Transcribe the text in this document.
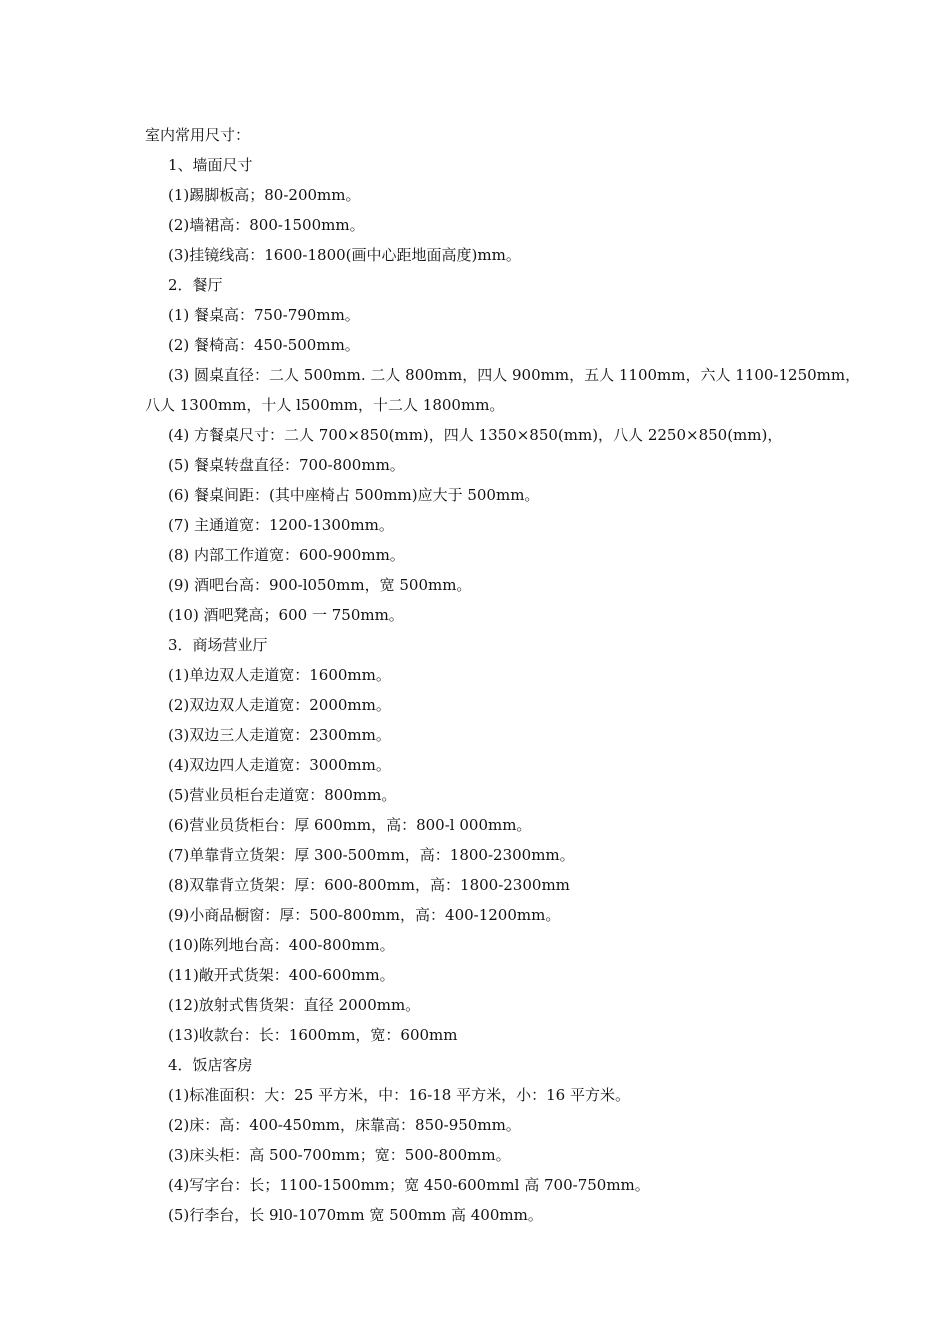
室内常用尺寸：
1、墙面尺寸
(1)踢脚板高；80-200mm。
(2)墙裙高：800-1500mm。
(3)挂镜线高：1600-1800(画中心距地面高度)mm。
2．餐厅
(1) 餐桌高：750-790mm。
(2) 餐椅高：450-500mm。
(3) 圆桌直径：二人 500mm. 二人 800mm，四人 900mm，五人 1100mm，六人 1100-1250mm，
八人 1300mm，十人 l500mm，十二人 1800mm。
(4) 方餐桌尺寸：二人 700×850(mm)，四人 1350×850(mm)，八人 2250×850(mm)，
(5) 餐桌转盘直径：700-800mm。
(6) 餐桌间距：(其中座椅占 500mm)应大于 500mm。
(7) 主通道宽：1200-1300mm。
(8) 内部工作道宽：600-900mm。
(9) 酒吧台高：900-l050mm，宽 500mm。
(10) 酒吧凳高；600 一 750mm。
3．商场营业厅
(1)单边双人走道宽：1600mm。
(2)双边双人走道宽：2000mm。
(3)双边三人走道宽：2300mm。
(4)双边四人走道宽：3000mm。
(5)营业员柜台走道宽：800mm。
(6)营业员货柜台：厚 600mm，高：800-l 000mm。
(7)单靠背立货架：厚 300-500mm，高：1800-2300mm。
(8)双靠背立货架：厚：600-800mm，高：1800-2300mm
(9)小商品橱窗：厚：500-800mm，高：400-1200mm。
(10)陈列地台高：400-800mm。
(11)敞开式货架：400-600mm。
(12)放射式售货架：直径 2000mm。
(13)收款台：长：1600mm，宽：600mm
4．饭店客房
(1)标准面积：大：25 平方米，中：16-18 平方米，小：16 平方米。
(2)床：高：400-450mm，床靠高：850-950mm。
(3)床头柜：高 500-700mm；宽：500-800mm。
(4)写字台：长；1100-1500mm；宽 450-600mml 高 700-750mm。
(5)行李台，长 9l0-1070mm 宽 500mm 高 400mm。
